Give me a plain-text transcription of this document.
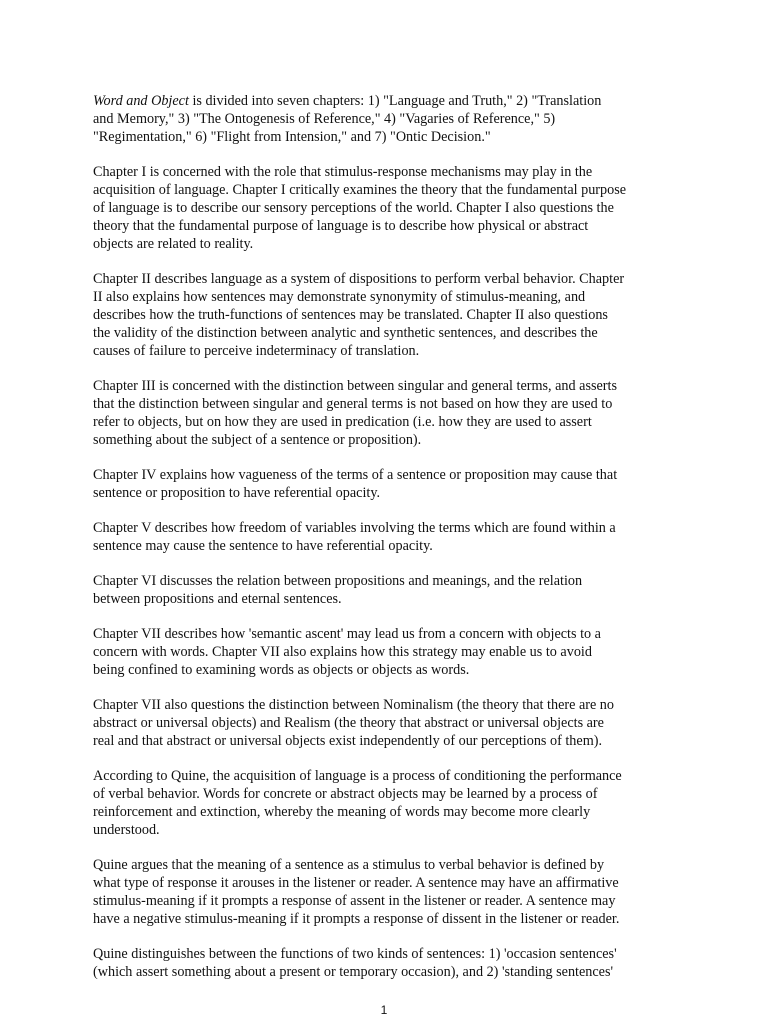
Word and Object is divided into seven chapters: 1) "Language and Truth," 2) "Translation
and Memory," 3) "The Ontogenesis of Reference," 4) "Vagaries of Reference," 5)
"Regimentation," 6) "Flight from Intension," and 7) "Ontic Decision."

Chapter I is concerned with the role that stimulus-response mechanisms may play in the
acquisition of language. Chapter I critically examines the theory that the fundamental purpose
of language is to describe our sensory perceptions of the world. Chapter I also questions the
theory that the fundamental purpose of language is to describe how physical or abstract
objects are related to reality.

Chapter II describes language as a system of dispositions to perform verbal behavior. Chapter
II also explains how sentences may demonstrate synonymity of stimulus-meaning, and
describes how the truth-functions of sentences may be translated. Chapter II also questions
the validity of the distinction between analytic and synthetic sentences, and describes the
causes of failure to perceive indeterminacy of translation.

Chapter III is concerned with the distinction between singular and general terms, and asserts
that the distinction between singular and general terms is not based on how they are used to
refer to objects, but on how they are used in predication (i.e. how they are used to assert
something about the subject of a sentence or proposition).

Chapter IV explains how vagueness of the terms of a sentence or proposition may cause that
sentence or proposition to have referential opacity.

Chapter V describes how freedom of variables involving the terms which are found within a
sentence may cause the sentence to have referential opacity.

Chapter VI discusses the relation between propositions and meanings, and the relation
between propositions and eternal sentences.

Chapter VII describes how 'semantic ascent' may lead us from a concern with objects to a
concern with words. Chapter VII also explains how this strategy may enable us to avoid
being confined to examining words as objects or objects as words.

Chapter VII also questions the distinction between Nominalism (the theory that there are no
abstract or universal objects) and Realism (the theory that abstract or universal objects are
real and that abstract or universal objects exist independently of our perceptions of them).

According to Quine, the acquisition of language is a process of conditioning the performance
of verbal behavior. Words for concrete or abstract objects may be learned by a process of
reinforcement and extinction, whereby the meaning of words may become more clearly
understood.

Quine argues that the meaning of a sentence as a stimulus to verbal behavior is defined by
what type of response it arouses in the listener or reader. A sentence may have an affirmative
stimulus-meaning if it prompts a response of assent in the listener or reader. A sentence may
have a negative stimulus-meaning if it prompts a response of dissent in the listener or reader.

Quine distinguishes between the functions of two kinds of sentences: 1) 'occasion sentences'
(which assert something about a present or temporary occasion), and 2) 'standing sentences'

1
